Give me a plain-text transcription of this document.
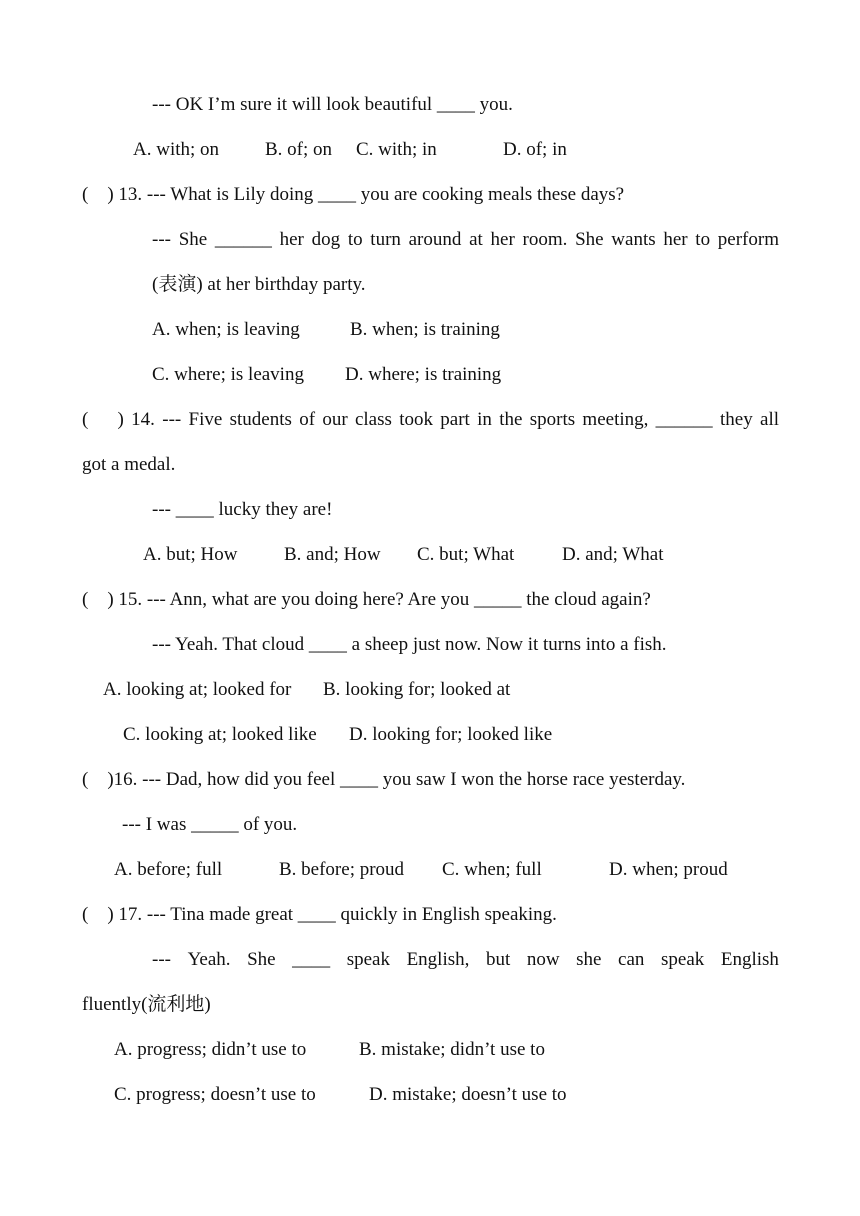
--- OK I’m sure it will look beautiful ____ you.
A. with; on B. of; on C. with; in	D. of; in
(    ) 13. --- What is Lily doing ____ you are cooking meals these days?
--- She ______ her dog to turn around at her room. She wants her to perform
(表演) at her birthday party.
A. when; is leaving	B. when; is training
C. where; is leaving D. where; is training
(    ) 14. --- Five students of our class took part in the sports meeting, ______ they all
got a medal.
--- ____ lucky they are!
A. but; How B. and; How C. but; What	D. and; What
(    ) 15. --- Ann, what are you doing here? Are you _____ the cloud again?
--- Yeah. That cloud ____ a sheep just now. Now it turns into a fish.
A. looking at; looked for B. looking for; looked at
C. looking at; looked like D. looking for; looked like
(    )16. --- Dad, how did you feel ____ you saw I won the horse race yesterday.
--- I was _____ of you.
A. before; full	B. before; proud C. when; full	D. when; proud
(    ) 17. --- Tina made great ____ quickly in English speaking.
--- Yeah. She ____ speak English, but now she can speak English
fluently(流利地)
A. progress; didn’t use to	B. mistake; didn’t use to
C. progress; doesn’t use to	D. mistake; doesn’t use to
